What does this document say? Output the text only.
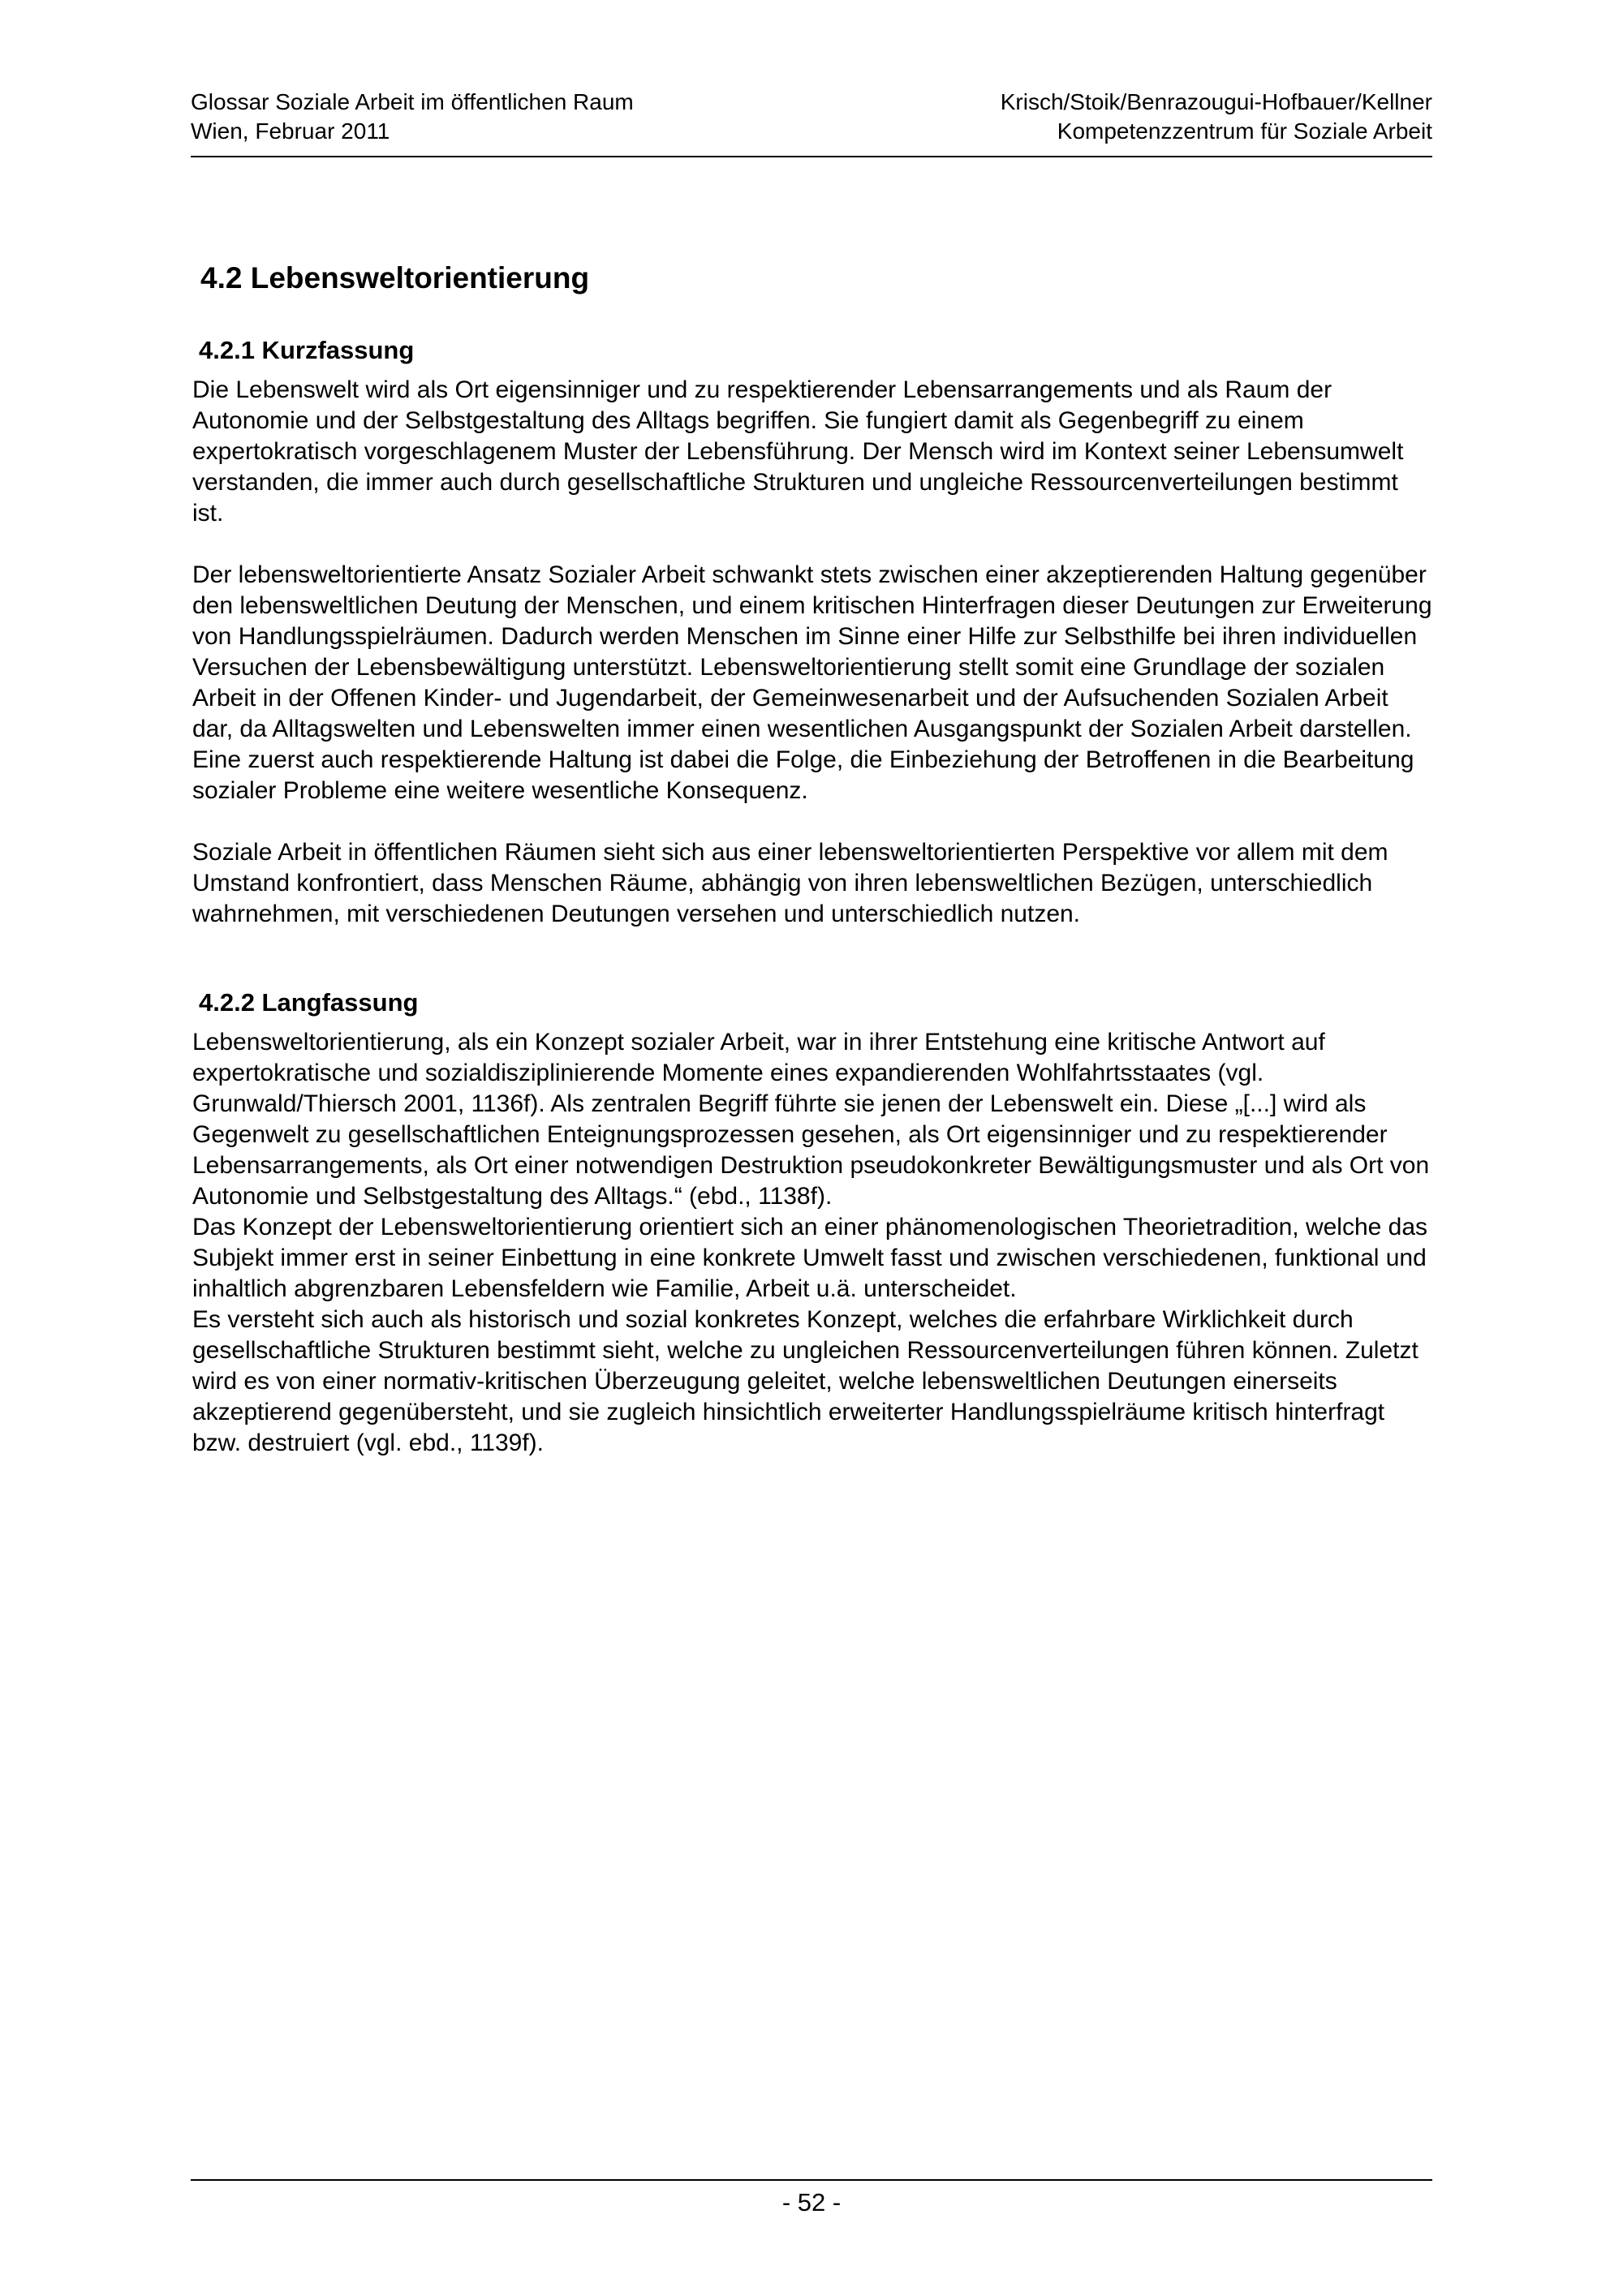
Glossar Soziale Arbeit im öffentlichen Raum
Wien, Februar 2011
Krisch/Stoik/Benrazougui-Hofbauer/Kellner
Kompetenzzentrum für Soziale Arbeit
4.2 Lebensweltorientierung
4.2.1 Kurzfassung

Die Lebenswelt wird als Ort eigensinniger und zu respektierender Lebensarrangements und als Raum der Autonomie und der Selbstgestaltung des Alltags begriffen. Sie fungiert damit als Gegenbegriff zu einem expertokratisch vorgeschlagenem Muster der Lebensführung. Der Mensch wird im Kontext seiner Lebensumwelt verstanden, die immer auch durch gesellschaftliche Strukturen und ungleiche Ressourcenverteilungen bestimmt ist.

Der lebensweltorientierte Ansatz Sozialer Arbeit schwankt stets zwischen einer akzeptierenden Haltung gegenüber den lebensweltlichen Deutung der Menschen, und einem kritischen Hinterfragen dieser Deutungen zur Erweiterung von Handlungsspielräumen. Dadurch werden Menschen im Sinne einer Hilfe zur Selbsthilfe bei ihren individuellen Versuchen der Lebensbewältigung unterstützt. Lebensweltorientierung stellt somit eine Grundlage der sozialen Arbeit in der Offenen Kinder- und Jugendarbeit, der Gemeinwesenarbeit und der Aufsuchenden Sozialen Arbeit dar, da Alltagswelten und Lebenswelten immer einen wesentlichen Ausgangspunkt der Sozialen Arbeit darstellen. Eine zuerst auch respektierende Haltung ist dabei die Folge, die Einbeziehung der Betroffenen in die Bearbeitung sozialer Probleme eine weitere wesentliche Konsequenz.

Soziale Arbeit in öffentlichen Räumen sieht sich aus einer lebensweltorientierten Perspektive vor allem mit dem Umstand konfrontiert, dass Menschen Räume, abhängig von ihren lebensweltlichen Bezügen, unterschiedlich wahrnehmen, mit verschiedenen Deutungen versehen und unterschiedlich nutzen.

4.2.2 Langfassung

Lebensweltorientierung, als ein Konzept sozialer Arbeit, war in ihrer Entstehung eine kritische Antwort auf expertokratische und sozialdisziplinierende Momente eines expandierenden Wohlfahrtsstaates (vgl. Grunwald/Thiersch 2001, 1136f). Als zentralen Begriff führte sie jenen der Lebenswelt ein. Diese „[...] wird als Gegenwelt zu gesellschaftlichen Enteignungsprozessen gesehen, als Ort eigensinniger und zu respektierender Lebensarrangements, als Ort einer notwendigen Destruktion pseudokonkreter Bewältigungsmuster und als Ort von Autonomie und Selbstgestaltung des Alltags.“ (ebd., 1138f).

Das Konzept der Lebensweltorientierung orientiert sich an einer phänomenologischen Theorietradition, welche das Subjekt immer erst in seiner Einbettung in eine konkrete Umwelt fasst und zwischen verschiedenen, funktional und inhaltlich abgrenzbaren Lebensfeldern wie Familie, Arbeit u.ä. unterscheidet.

Es versteht sich auch als historisch und sozial konkretes Konzept, welches die erfahrbare Wirklichkeit durch gesellschaftliche Strukturen bestimmt sieht, welche zu ungleichen Ressourcenverteilungen führen können. Zuletzt wird es von einer normativ-kritischen Überzeugung geleitet, welche lebensweltlichen Deutungen einerseits akzeptierend gegenübersteht, und sie zugleich hinsichtlich erweiterter Handlungsspielräume kritisch hinterfragt bzw. destruiert (vgl. ebd., 1139f).

- 52 -
